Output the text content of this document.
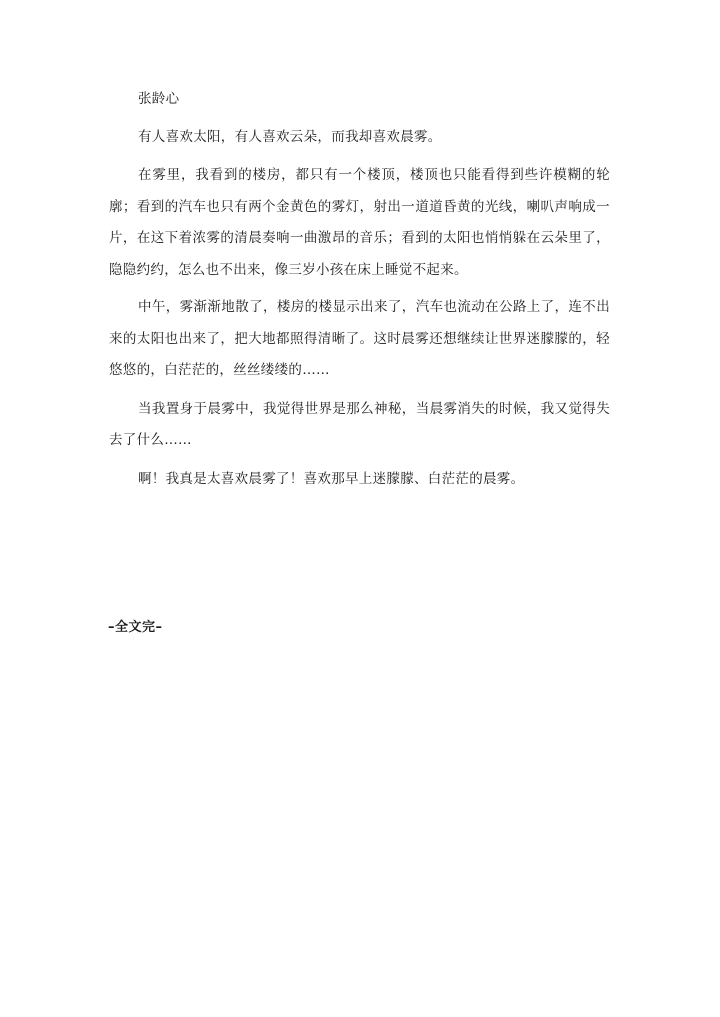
张龄心

有人喜欢太阳，有人喜欢云朵，而我却喜欢晨雾。

在雾里，我看到的楼房，都只有一个楼顶，楼顶也只能看得到些许模糊的轮廓；看到的汽车也只有两个金黄色的雾灯，射出一道道昏黄的光线，喇叭声响成一片，在这下着浓雾的清晨奏响一曲激昂的音乐；看到的太阳也悄悄躲在云朵里了，隐隐约约，怎么也不出来，像三岁小孩在床上睡觉不起来。

中午，雾渐渐地散了，楼房的楼显示出来了，汽车也流动在公路上了，连不出来的太阳也出来了，把大地都照得清晰了。这时晨雾还想继续让世界迷朦朦的，轻悠悠的，白茫茫的，丝丝缕缕的……

当我置身于晨雾中，我觉得世界是那么神秘，当晨雾消失的时候，我又觉得失去了什么……

啊！我真是太喜欢晨雾了！喜欢那早上迷朦朦、白茫茫的晨雾。

–全文完–
